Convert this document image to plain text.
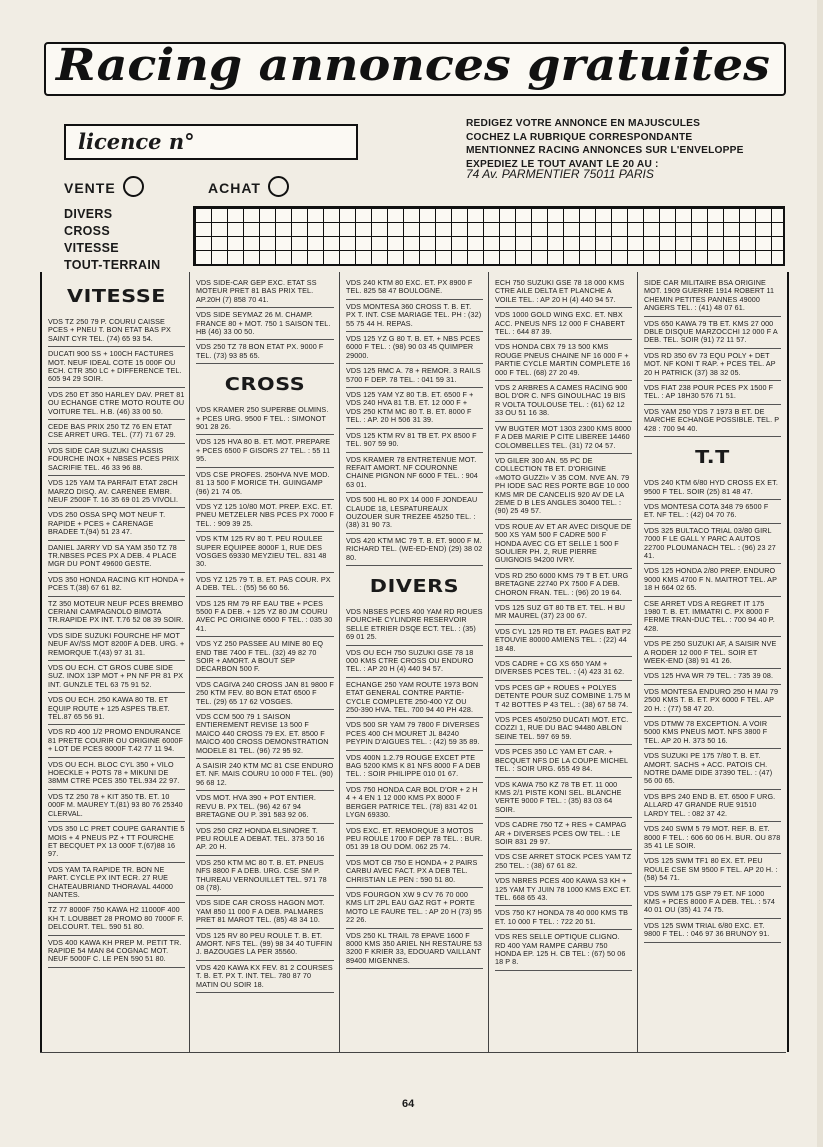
Racing annonces gratuites
licence n°
REDIGEZ VOTRE ANNONCE EN MAJUSCULES
COCHEZ LA RUBRIQUE CORRESPONDANTE
MENTIONNEZ RACING ANNONCES SUR L'ENVELOPPE
EXPEDIEZ LE TOUT AVANT LE 20 AU :
74 Av. PARMENTIER 75011 PARIS
VENTE	ACHAT
DIVERS
CROSS
VITESSE
TOUT-TERRAIN
VITESSE
VDS TZ 250 79 P. COURU CAISSE PCES + PNEU T. BON ETAT BAS PX SAINT CYR TEL. (74) 65 93 54.
DUCATI 900 SS + 100CH FACTURES MOT. NEUF IDEAL COTE 15 000F OU ECH. CTR 350 LC + DIFFERENCE TEL. 605 94 29 SOIR.
VDS 250 ET 350 HARLEY DAV. PRET 81 OU ECHANGE CTRE MOTO ROUTE OU VOITURE TEL. H.B. (46) 33 00 50.
CEDE BAS PRIX 250 TZ 76 EN ETAT CSE ARRET URG. TEL. (77) 71 67 29.
VDS SIDE CAR SUZUKI CHASSIS FOURCHE INOX + NBSES PCES PRIX SACRIFIE TEL. 46 33 96 88.
VDS 125 YAM TA PARFAIT ETAT 28CH MARZO DISQ. AV. CARENEE EMBR. NEUF 2500F T. 16 35 69 01 25 VIVOLI.
VDS 250 OSSA SPQ MOT NEUF T. RAPIDE + PCES + CARENAGE BRADEE T.(94) 51 23 47.
DANIEL JARRY VD SA YAM 350 TZ 78 TR.NBSES PCES PX A DEB. 4 PLACE MGR DU PONT 49600 GESTE.
VDS 350 HONDA RACING KIT HONDA + PCES T.(38) 67 61 82.
TZ 350 MOTEUR NEUF PCES BREMBO CERIANI CAMPAGNOLO BIMOTA TR.RAPIDE PX INT. T.76 52 08 39 SOIR.
VDS SIDE SUZUKI FOURCHE HF MOT NEUF AV/SS MOT 8200F A DEB. URG. + REMORQUE T.(43) 97 31 31.
VDS OU ECH. CT GROS CUBE SIDE SUZ. INOX 13P MOT + PN NF PR 81 PX INT. GUNZLE TEL 63 75 91 52.
VDS OU ECH. 250 KAWA 80 TB. ET EQUIP ROUTE + 125 ASPES TB.ET. TEL.87 65 56 91.
VDS RD 400 1/2 PROMO ENDURANCE 81 PRETE COURIR OU ORIGINE 6000F + LOT DE PCES 8000F T.42 77 11 94.
VDS OU ECH. BLOC CYL 350 + VILO HOECKLE + POTS 78 + MIKUNI DE 38MM CTRE PCES 350 TEL.934 22 97.
VDS TZ 250 78 + KIT 350 TB. ET. 10 000F M. MAUREY T.(81) 93 80 76 25340 CLERVAL.
VDS 350 LC PRET COUPE GARANTIE 5 MOIS + 4 PNEUS PZ + TT FOURCHE ET BECQUET PX 13 000F T.(67)88 16 97.
VDS YAM TA RAPIDE TR. BON NE PART. CYCLE PX INT ECR. 27 RUE CHATEAUBRIAND THORAVAL 44000 NANTES.
TZ 77 8000F 750 KAWA H2 11000F 400 KH T. LOUBBET 28 PROMO 80 7000F F. DELCOURT. TEL. 590 51 80.
VDS 400 KAWA KH PREP M. PETIT TR. RAPIDE 54 MAN 84 COGNAC MOT. NEUF 5000F C. LE PEN 590 51 80.
VDS SIDE-CAR GEP EXC. ETAT SS MOTEUR PRET 81 BAS PRIX TEL. AP.20H (7) 858 70 41.
VDS SIDE SEYMAZ 26 M. CHAMP. FRANCE 80 + MOT. 750 1 SAISON TEL. HB (46) 33 00 50.
VDS 250 TZ 78 BON ETAT PX. 9000 F TEL. (73) 93 85 65.
CROSS
VDS KRAMER 250 SUPERBE OLMINS. + PCES URG. 9500 F TEL. : SIMONOT 901 28 26.
VDS 125 HVA 80 B. ET. MOT. PREPARE + PCES 6500 F GISORS 27 TEL. : 55 11 95.
VDS CSE PROFES. 250HVA NVE MOD. 81 13 500 F MORICE TH. GUINGAMP (96) 21 74 05.
VDS YZ 125 10/80 MOT. PREP. EXC. ET. PNEU METZELER NBS PCES PX 7000 F TEL. : 909 39 25.
VDS KTM 125 RV 80 T. PEU ROULEE SUPER EQUIPEE 8000F 1, RUE DES VOSGES 69330 MEYZIEU TEL. 831 48 30.
VDS YZ 125 79 T. B. ET. PAS COUR. PX A DEB. TEL. : (55) 56 60 56.
VDS 125 RM 79 RF EAU TBE + PCES 5500 F A DEB. + 125 YZ 80 JM COURU AVEC PC ORIGINE 6500 F TEL. : 035 30 41.
VDS YZ 250 PASSEE AU MINE 80 EQ END TBE 7400 F TEL. (32) 49 82 70 SOIR + AMORT. A BOUT SEP DECARBON 500 F.
VDS CAGIVA 240 CROSS JAN 81 9800 F 250 KTM FEV. 80 BON ETAT 6500 F TEL. (29) 65 17 62 VOSGES.
VDS CCM 500 79 1 SAISON ENTIEREMENT REVISE 13 500 F MAICO 440 CROSS 79 EX. ET. 8500 F MAICO 400 CROSS DEMONSTRATION MODELE 81 TEL. (96) 72 95 92.
A SAISIR 240 KTM MC 81 CSE ENDURO ET. NF. MAIS COURU 10 000 F TEL. (90) 96 68 12.
VDS MOT. HVA 390 + POT ENTIER. REVU B. PX TEL. (96) 42 67 94 BRETAGNE OU P. 391 583 92 06.
VDS 250 CRZ HONDA ELSINORE T. PEU ROULE A DEBAT. TEL. 373 50 16 AP. 20 H.
VDS 250 KTM MC 80 T. B. ET. PNEUS NFS 8800 F A DEB. URG. CSE SM P. THUREAU VERNOUILLET TEL. 971 78 08 (78).
VDS SIDE CAR CROSS HAGON MOT. YAM 850 11 000 F A DEB. PALMARES PRET 81 MAROT TEL. (85) 48 34 10.
VDS 125 RV 80 PEU ROULE T. B. ET. AMORT. NFS TEL. (99) 98 34 40 TUFFIN J. BAZOUGES LA PER 35560.
VDS 420 KAWA KX FEV. 81 2 COURSES T. B. ET. PX T. INT. TEL. 780 87 70 MATIN OU SOIR 18.
VDS 240 KTM 80 EXC. ET. PX 8900 F TEL. 825 58 47 BOULOGNE.
VDS MONTESA 360 CROSS T. B. ET. PX T. INT. CSE MARIAGE TEL. PH : (32) 55 75 44 H. REPAS.
VDS 125 YZ G 80 T. B. ET. + NBS PCES 6000 F TEL. : (98) 90 03 45 QUIMPER 29000.
VDS 125 RMC A. 78 + REMOR. 3 RAILS 5700 F DEP. 78 TEL. : 041 59 31.
VDS 125 YAM YZ 80 T.B. ET. 6500 F + VDS 240 HVA 81 T.B. ET. 12 000 F + VDS 250 KTM MC 80 T. B. ET. 8000 F TEL. : AP. 20 H 506 31 39.
VDS 125 KTM RV 81 TB ET. PX 8500 F TEL. 907 59 90.
VDS KRAMER 78 ENTRETENUE MOT. REFAIT AMORT. NF COURONNE CHAINE PIGNON NF 6000 F TEL. : 904 63 01.
VDS 500 HL 80 PX 14 000 F JONDEAU CLAUDE 18, LESPATUREAUX OUZOUER SUR TREZEE 45250 TEL. : (38) 31 90 73.
VDS 420 KTM MC 79 T. B. ET. 9000 F M. RICHARD TEL. (WE-ED-END) (29) 38 02 80.
DIVERS
VDS NBSES PCES 400 YAM RD ROUES FOURCHE CYLINDRE RESERVOIR SELLE ETRIER DSQE ECT. TEL. : (35) 69 01 25.
VDS OU ECH 750 SUZUKI GSE 78 18 000 KMS CTRE CROSS OU ENDURO TEL. : AP 20 H (4) 440 94 57.
ECHANGE 250 YAM ROUTE 1973 BON ETAT GENERAL CONTRE PARTIE-CYCLE COMPLETE 250-400 YZ OU 250-390 HVA. TEL. 700 94 40 PH 428.
VDS 500 SR YAM 79 7800 F DIVERSES PCES 400 CH MOURET JL 84240 PEYPIN D'AIGUES TEL. : (42) 59 35 89.
VDS 400N 1.2.79 ROUGE EXCET PTE BAG 5200 KMS K 81 NFS 8000 F A DEB TEL. : SOIR PHILIPPE 010 01 67.
VDS 750 HONDA CAR BOL D'OR + 2 H 4 + 4 EN 1 12 000 KMS PX 8000 F BERGER PATRICE TEL. (78) 831 42 01 LYGN 69330.
VDS EXC. ET. REMORQUE 3 MOTOS PEU ROULE 1700 F DEP 78 TEL. : BUR. 051 39 18 OU DOM. 062 25 74.
VDS MOT CB 750 E HONDA + 2 PAIRS CARBU AVEC FACT. PX A DEB TEL. CHRISTIAN LE PEN : 590 51 80.
VDS FOURGON XW 9 CV 76 70 000 KMS LIT 2PL EAU GAZ RGT + PORTE MOTO LE FAURE TEL. : AP 20 H (73) 95 22 26.
VDS 250 KL TRAIL 78 EPAVE 1600 F 8000 KMS 350 ARIEL NH RESTAURE 53 3200 F KRIER 33, EDOUARD VAILLANT 89400 MIGENNES.
ECH 750 SUZUKI GSE 78 18 000 KMS CTRE AILE DELTA ET PLANCHE A VOILE TEL. : AP 20 H (4) 440 94 57.
VDS 1000 GOLD WING EXC. ET. NBX ACC. PNEUS NFS 12 000 F CHABERT TEL. : 644 87 39.
VDS HONDA CBX 79 13 500 KMS ROUGE PNEUS CHAINE NF 16 000 F + PARTIE CYCLE MARTIN COMPLETE 16 000 F TEL. (68) 27 20 49.
VDS 2 ARBRES A CAMES RACING 900 BOL D'OR C. NFS GINOULHAC 19 BIS R VOLTA TOULOUSE TEL. : (61) 62 12 33 OU 51 16 38.
VW BUGTER MOT 1303 2300 KMS 8000 F A DEB MARIE P CITE LIBEREE 14460 COLOMBELLES TEL. (31) 72 04 57.
VD GILER 300 AN. 55 PC DE COLLECTION TB ET. D'ORIGINE «MOTO GUZZI» V 35 COM. NVE AN. 79 PH IODE SAC RES PORTE BGE 10 000 KMS MR DE CANCELIS 920 AV DE LA 2EME D B LES ANGLES 30400 TEL. : (90) 25 49 57.
VDS ROUE AV ET AR AVEC DISQUE DE 500 XS YAM 500 F CADRE 500 F HONDA AVEC CG ET SELLE 1 500 F SOULIER PH. 2, RUE PIERRE GUIGNOIS 94200 IVRY.
VDS RD 250 6000 KMS 79 T B ET. URG BRETAGNE 22740 PX 7500 F A DEB. CHORON FRAN. TEL. : (96) 20 19 64.
VDS 125 SUZ GT 80 TB ET. TEL. H BU MR MAUREL (37) 23 00 67.
VDS CYL 125 RD TB ET. PAGES BAT P2 ETOUVIE 80000 AMIENS TEL. : (22) 44 18 48.
VDS CADRE + CG XS 650 YAM + DIVERSES PCES TEL. : (4) 423 31 62.
VDS PCES GP + ROUES + POLYES DETENTE POUR SUZ COMBINE 1.75 M T 42 BOTTES P 43 TEL. : (38) 67 58 74.
VDS PCES 450/250 DUCATI MOT. ETC. COZZI 1, RUE DU BAC 94480 ABLON SEINE TEL. 597 69 59.
VDS PCES 350 LC YAM ET CAR. + BECQUET NFS DE LA COUPE MICHEL TEL. : SOIR URG. 655 49 84.
VDS KAWA 750 KZ 78 TB ET. 11 000 KMS 2/1 PISTE KONI SEL. BLANCHE VERTE 9000 F TEL. : (35) 83 03 64 SOIR.
VDS CADRE 750 TZ + RES + CAMPAG AR + DIVERSES PCES OW TEL. : LE SOIR 831 29 97.
VDS CSE ARRET STOCK PCES YAM TZ 250 TEL. : (38) 67 61 82.
VDS NBRES PCES 400 KAWA S3 KH + 125 YAM TY JUIN 78 1000 KMS EXC ET. TEL. 668 65 43.
VDS 750 K7 HONDA 78 40 000 KMS TB ET. 10 000 F TEL. : 722 20 51.
VDS RES SELLE OPTIQUE CLIGNO. RD 400 YAM RAMPE CARBU 750 HONDA EP. 125 H. CB TEL : (67) 50 06 18 P 8.
SIDE CAR MILITAIRE BSA ORIGINE MOT. 1909 GUERRE 1914 ROBERT 11 CHEMIN PETITES PANNES 49000 ANGERS TEL. : (41) 48 07 61.
VDS 650 KAWA 79 TB ET. KMS 27 000 DBLE DISQUE MARZOCCHI 12 000 F A DEB. TEL. SOIR (91) 72 11 57.
VDS RD 350 6V 73 EQU POLY + DET MOT. NF KONI T RAP. + PCES TEL. AP 20 H PATRICK (37) 38 32 05.
VDS FIAT 238 POUR PCES PX 1500 F TEL. : AP 18H30 576 71 51.
VDS YAM 250 YDS 7 1973 B ET. DE MARCHE ECHANGE POSSIBLE. TEL. P 428 : 700 94 40.
T.T
VDS 240 KTM 6/80 HYD CROSS EX ET. 9500 F TEL. SOIR (25) 81 48 47.
VDS MONTESA COTA 348 79 6500 F ET. NF TEL. : (42) 04 70 76.
VDS 325 BULTACO TRIAL 03/80 GIRL 7000 F LE GALL Y PARC A AUTOS 22700 PLOUMANACH TEL. : (96) 23 27 41.
VDS 125 HONDA 2/80 PREP. ENDURO 9000 KMS 4700 F N. MAITROT TEL. AP 18 H 664 02 65.
CSE ARRET VDS A REGRET IT 175 1980 T. B. ET. IMMATRI C. PX 8000 F FERME TRAN-DUC TEL. : 700 94 40 P. 428.
VDS PE 250 SUZUKI AF, A SAISIR NVE A RODER 12 000 F TEL. SOIR ET WEEK-END (38) 91 41 26.
VDS 125 HVA WR 79 TEL. : 735 39 08.
VDS MONTESA ENDURO 250 H MAI 79 2500 KMS T. B. ET. PX 6000 F TEL. AP 20 H. : (77) 58 47 20.
VDS DTMW 78 EXCEPTION. A VOIR 5000 KMS PNEUS MOT. NFS 3800 F TEL. AP 20 H. 373 50 16.
VDS SUZUKI PE 175 7/80 T. B. ET. AMORT. SACHS + ACC. PATOIS CH. NOTRE DAME DIDE 37390 TEL. : (47) 56 00 65.
VDS BPS 240 END B. ET. 6500 F URG. ALLARD 47 GRANDE RUE 91510 LARDY TEL. : 082 37 42.
VDS 240 SWM 5 79 MOT. REF. B. ET. 8000 F TEL. : 606 60 06 H. BUR. OU 878 35 41 LE SOIR.
VDS 125 SWM TF1 80 EX. ET. PEU ROULE CSE SM 9500 F TEL. AP 20 H. : (58) 54 71.
VDS SWM 175 GSP 79 ET. NF 1000 KMS + PCES 8000 F A DEB. TEL. : 574 40 01 OU (35) 41 74 75.
VDS 125 SWM TRIAL 6/80 EXC. ET. 9800 F TEL. : 046 97 36 BRUNOY 91.
64
